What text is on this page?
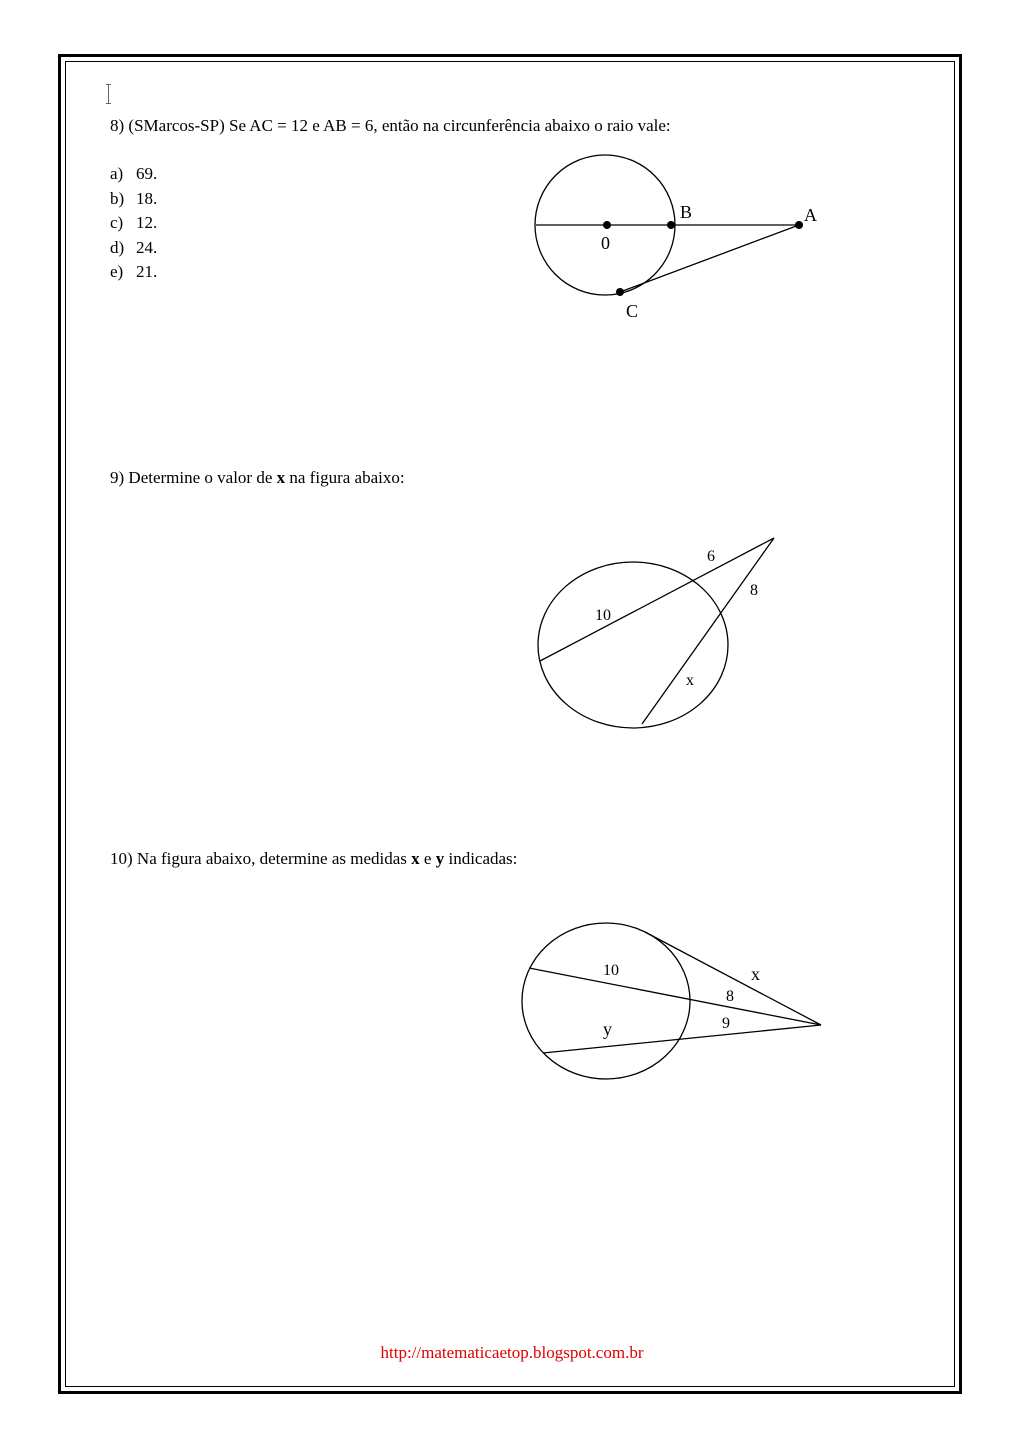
8) (SMarcos-SP) Se AC = 12 e AB = 6, então na circunferência abaixo o raio vale:
a) 69.
b) 18.
c) 12.
d) 24.
e) 21.
9) Determine o valor de x na figura abaixo:
10) Na figura abaixo, determine as medidas x e y indicadas:
B	A
0
C
6
8
10
x
10	x
8
9
y
http://matematicaetop.blogspot.com.br
